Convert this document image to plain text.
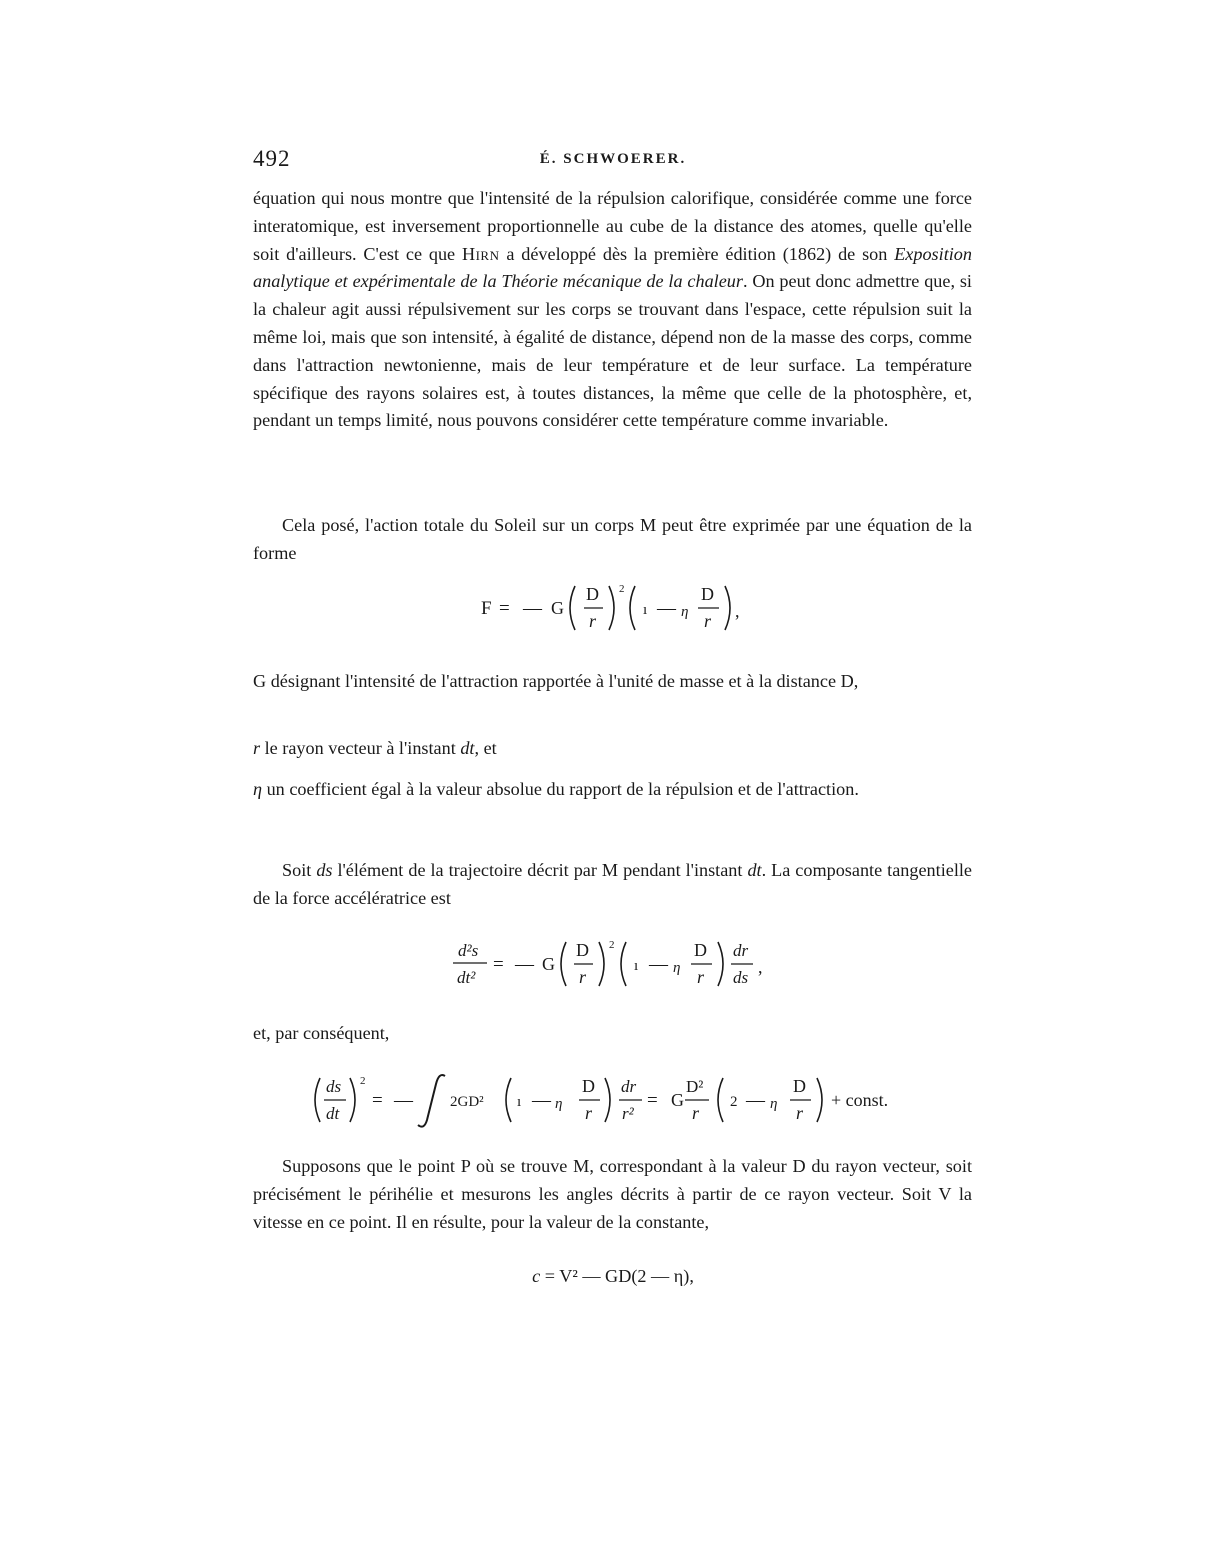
492	É. SCHWOERER.

équation qui nous montre que l'intensité de la répulsion calorifique, considérée comme une force interatomique, est inversement proportionnelle au cube de la distance des atomes, quelle qu'elle soit d'ailleurs. C'est ce que Hirn a développé dès la première édition (1862) de son Exposition analytique et expérimentale de la Théorie mécanique de la chaleur. On peut donc admettre que, si la chaleur agit aussi répulsivement sur les corps se trouvant dans l'espace, cette répulsion suit la même loi, mais que son intensité, à égalité de distance, dépend non de la masse des corps, comme dans l'attraction newtonienne, mais de leur température et de leur surface. La température spécifique des rayons solaires est, à toutes distances, la même que celle de la photosphère, et, pendant un temps limité, nous pouvons considérer cette température comme invariable.

Cela posé, l'action totale du Soleil sur un corps M peut être exprimée par une équation de la forme

F = — G
D
r
2
ı — η
D
r ,

G désignant l'intensité de l'attraction rapportée à l'unité de masse et à la distance D,

r le rayon vecteur à l'instant dt, et

η un coefficient égal à la valeur absolue du rapport de la répulsion et de l'attraction.

Soit ds l'élément de la trajectoire décrit par M pendant l'instant dt. La composante tangentielle de la force accélératrice est

d²s
dt²
= — G
D
r
2
ı — η
D
r
dr
ds
,

et, par conséquent,

ds
dt
2
= — 2GD² ı — η
D
r
dr
r²
= G
D²
r
2 — η
D
r
+ const.

Supposons que le point P où se trouve M, correspondant à la valeur D du rayon vecteur, soit précisément le périhélie et mesurons les angles décrits à partir de ce rayon vecteur. Soit V la vitesse en ce point. Il en résulte, pour la valeur de la constante,

c = V² — GD(2 — η),
